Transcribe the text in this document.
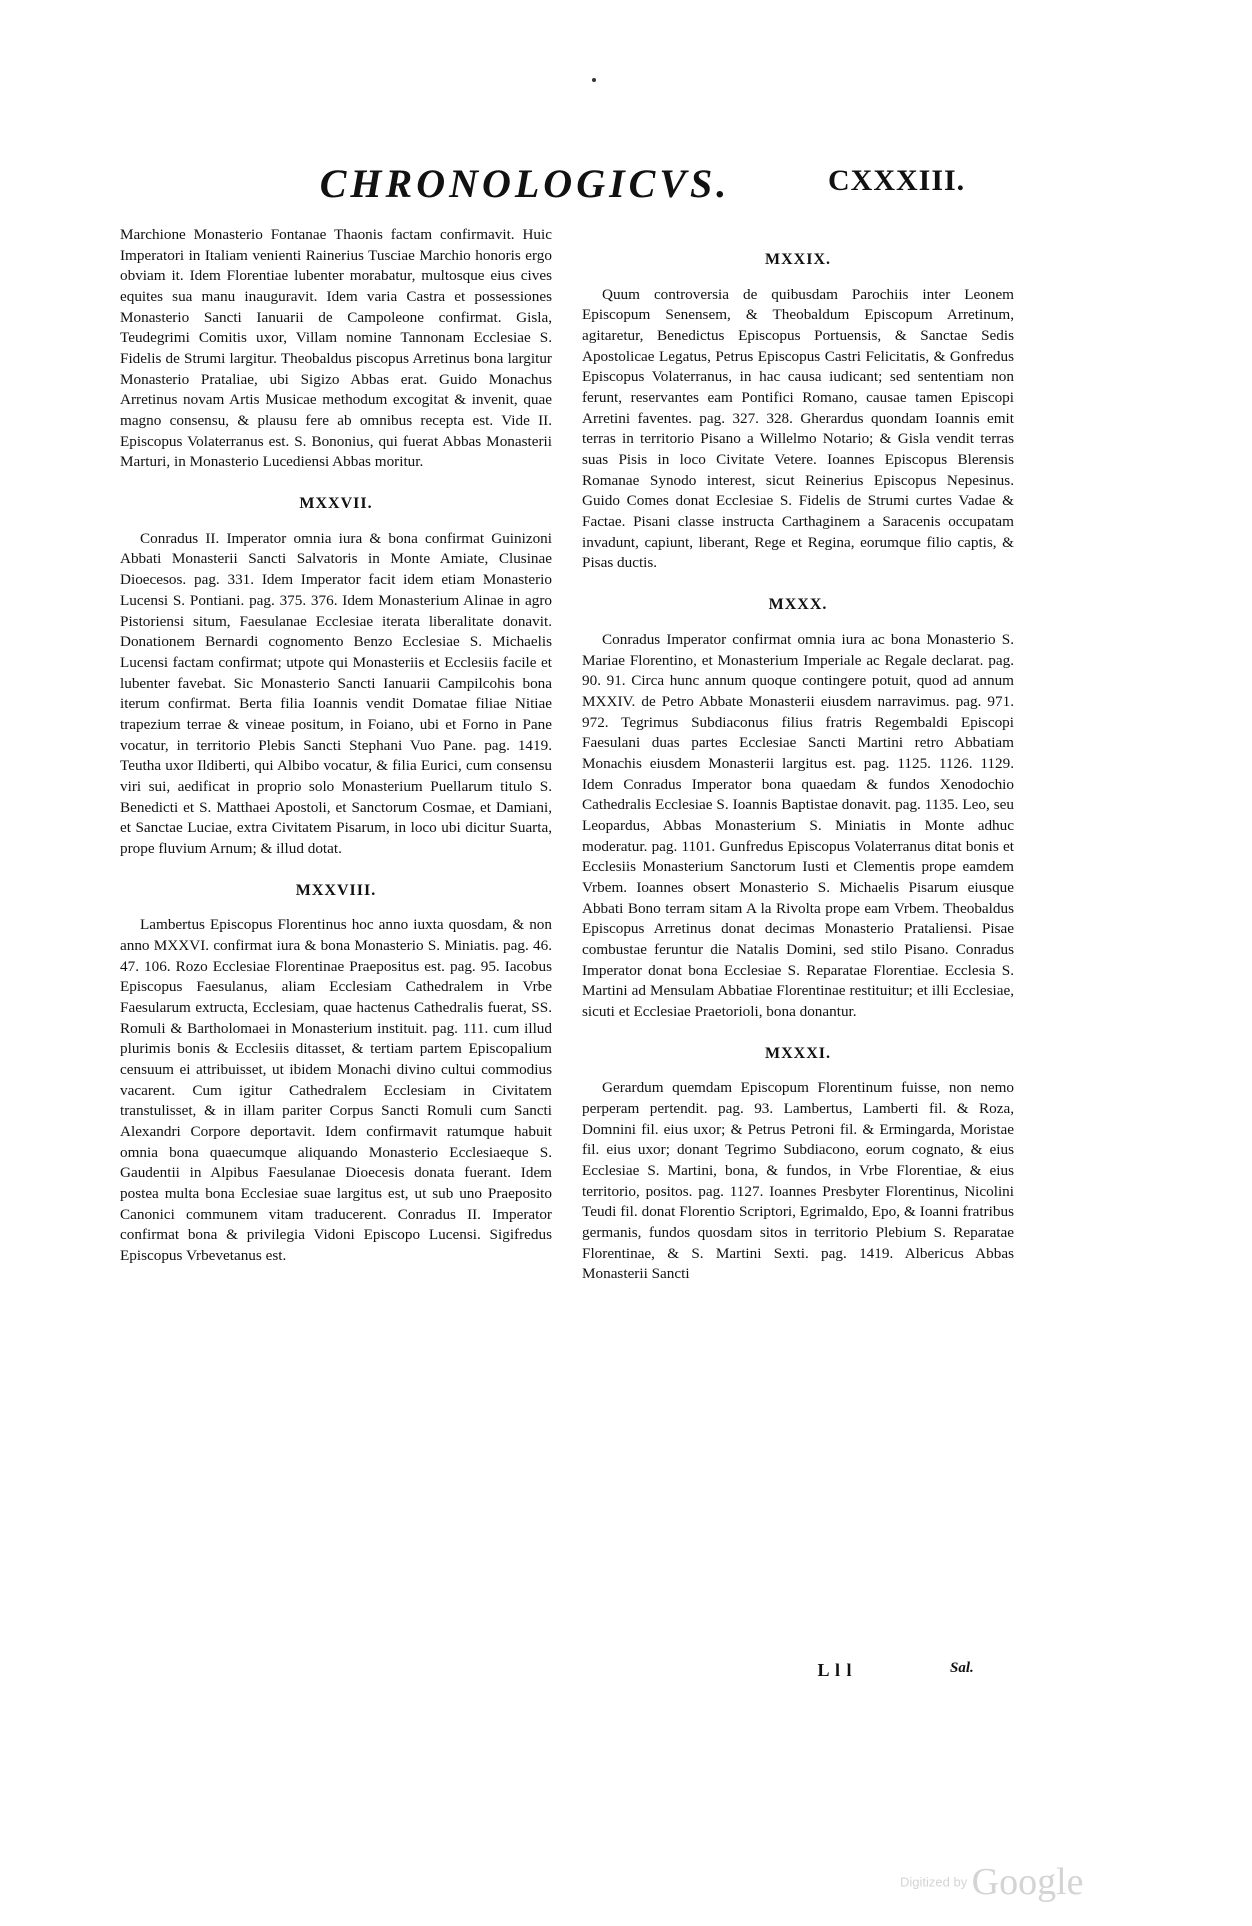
CHRONOLOGICVS.	CXXXIII.

Marchione Monasterio Fontanae Thaonis factam confirmavit. Huic Imperatori in Italiam venienti Rainerius Tusciae Marchio honoris ergo obviam it. Idem Florentiae lubenter morabatur, multosque eius cives equites sua manu inauguravit. Idem varia Castra et possessiones Monasterio Sancti Ianuarii de Campoleone confirmat. Gisla, Teudegrimi Comitis uxor, Villam nomine Tannonam Ecclesiae S. Fidelis de Strumi largitur. Theobaldus piscopus Arretinus bona largitur Monasterio Prataliae, ubi Sigizo Abbas erat. Guido Monachus Arretinus novam Artis Musicae methodum excogitat & invenit, quae magno consensu, & plausu fere ab omnibus recepta est. Vide II. Episcopus Volaterranus est. S. Bononius, qui fuerat Abbas Monasterii Marturi, in Monasterio Lucediensi Abbas moritur.

MXXVII.

Conradus II. Imperator omnia iura & bona confirmat Guinizoni Abbati Monasterii Sancti Salvatoris in Monte Amiate, Clusinae Dioecesos. pag. 331. Idem Imperator facit idem etiam Monasterio Lucensi S. Pontiani. pag. 375. 376. Idem Monasterium Alinae in agro Pistoriensi situm, Faesulanae Ecclesiae iterata liberalitate donavit. Donationem Bernardi cognomento Benzo Ecclesiae S. Michaelis Lucensi factam confirmat; utpote qui Monasteriis et Ecclesiis facile et lubenter favebat. Sic Monasterio Sancti Ianuarii Campilcohis bona iterum confirmat. Berta filia Ioannis vendit Domatae filiae Nitiae trapezium terrae & vineae positum, in Foiano, ubi et Forno in Pane vocatur, in territorio Plebis Sancti Stephani Vuo Pane. pag. 1419. Teutha uxor Ildiberti, qui Albibo vocatur, & filia Eurici, cum consensu viri sui, aedificat in proprio solo Monasterium Puellarum titulo S. Benedicti et S. Matthaei Apostoli, et Sanctorum Cosmae, et Damiani, et Sanctae Luciae, extra Civitatem Pisarum, in loco ubi dicitur Suarta, prope fluvium Arnum; & illud dotat.

MXXVIII.

Lambertus Episcopus Florentinus hoc anno iuxta quosdam, & non anno MXXVI. confirmat iura & bona Monasterio S. Miniatis. pag. 46. 47. 106. Rozo Ecclesiae Florentinae Praepositus est. pag. 95. Iacobus Episcopus Faesulanus, aliam Ecclesiam Cathedralem in Vrbe Faesularum extructa, Ecclesiam, quae hactenus Cathedralis fuerat, SS. Romuli & Bartholomaei in Monasterium instituit. pag. 111. cum illud plurimis bonis & Ecclesiis ditasset, & tertiam partem Episcopalium censuum ei attribuisset, ut ibidem Monachi divino cultui commodius vacarent. Cum igitur Cathedralem Ecclesiam in Civitatem transtulisset, & in illam pariter Corpus Sancti Romuli cum Sancti Alexandri Corpore deportavit. Idem confirmavit ratumque habuit omnia bona quaecumque aliquando Monasterio Ecclesiaeque S. Gaudentii in Alpibus Faesulanae Dioecesis donata fuerant. Idem postea multa bona Ecclesiae suae largitus est, ut sub uno Praeposito Canonici communem vitam traducerent. Conradus II. Imperator confirmat bona & privilegia Vidoni Episcopo Lucensi. Sigifredus Episcopus Vrbevetanus est.

MXXIX.

Quum controversia de quibusdam Parochiis inter Leonem Episcopum Senensem, & Theobaldum Episcopum Arretinum, agitaretur, Benedictus Episcopus Portuensis, & Sanctae Sedis Apostolicae Legatus, Petrus Episcopus Castri Felicitatis, & Gonfredus Episcopus Volaterranus, in hac causa iudicant; sed sententiam non ferunt, reservantes eam Pontifici Romano, causae tamen Episcopi Arretini faventes. pag. 327. 328. Gherardus quondam Ioannis emit terras in territorio Pisano a Willelmo Notario; & Gisla vendit terras suas Pisis in loco Civitate Vetere. Ioannes Episcopus Blerensis Romanae Synodo interest, sicut Reinerius Episcopus Nepesinus. Guido Comes donat Ecclesiae S. Fidelis de Strumi curtes Vadae & Factae. Pisani classe instructa Carthaginem a Saracenis occupatam invadunt, capiunt, liberant, Rege et Regina, eorumque filio captis, & Pisas ductis.

MXXX.

Conradus Imperator confirmat omnia iura ac bona Monasterio S. Mariae Florentino, et Monasterium Imperiale ac Regale declarat. pag. 90. 91. Circa hunc annum quoque contingere potuit, quod ad annum MXXIV. de Petro Abbate Monasterii eiusdem narravimus. pag. 971. 972. Tegrimus Subdiaconus filius fratris Regembaldi Episcopi Faesulani duas partes Ecclesiae Sancti Martini retro Abbatiam Monachis eiusdem Monasterii largitus est. pag. 1125. 1126. 1129. Idem Conradus Imperator bona quaedam & fundos Xenodochio Cathedralis Ecclesiae S. Ioannis Baptistae donavit. pag. 1135. Leo, seu Leopardus, Abbas Monasterium S. Miniatis in Monte adhuc moderatur. pag. 1101. Gunfredus Episcopus Volaterranus ditat bonis et Ecclesiis Monasterium Sanctorum Iusti et Clementis prope eamdem Vrbem. Ioannes obsert Monasterio S. Michaelis Pisarum eiusque Abbati Bono terram sitam A la Rivolta prope eam Vrbem. Theobaldus Episcopus Arretinus donat decimas Monasterio Prataliensi. Pisae combustae feruntur die Natalis Domini, sed stilo Pisano. Conradus Imperator donat bona Ecclesiae S. Reparatae Florentiae. Ecclesia S. Martini ad Mensulam Abbatiae Florentinae restituitur; et illi Ecclesiae, sicuti et Ecclesiae Praetorioli, bona donantur.

MXXXI.

Gerardum quemdam Episcopum Florentinum fuisse, non nemo perperam pertendit. pag. 93. Lambertus, Lamberti fil. & Roza, Domnini fil. eius uxor; & Petrus Petroni fil. & Ermingarda, Moristae fil. eius uxor; donant Tegrimo Subdiacono, eorum cognato, & eius Ecclesiae S. Martini, bona, & fundos, in Vrbe Florentiae, & eius territorio, positos. pag. 1127. Ioannes Presbyter Florentinus, Nicolini Teudi fil. donat Florentio Scriptori, Egrimaldo, Epo, & Ioanni fratribus germanis, fundos quosdam sitos in territorio Plebium S. Reparatae Florentinae, & S. Martini Sexti. pag. 1419. Albericus Abbas Monasterii Sancti

L l l	Sal.
Digitized by Google
